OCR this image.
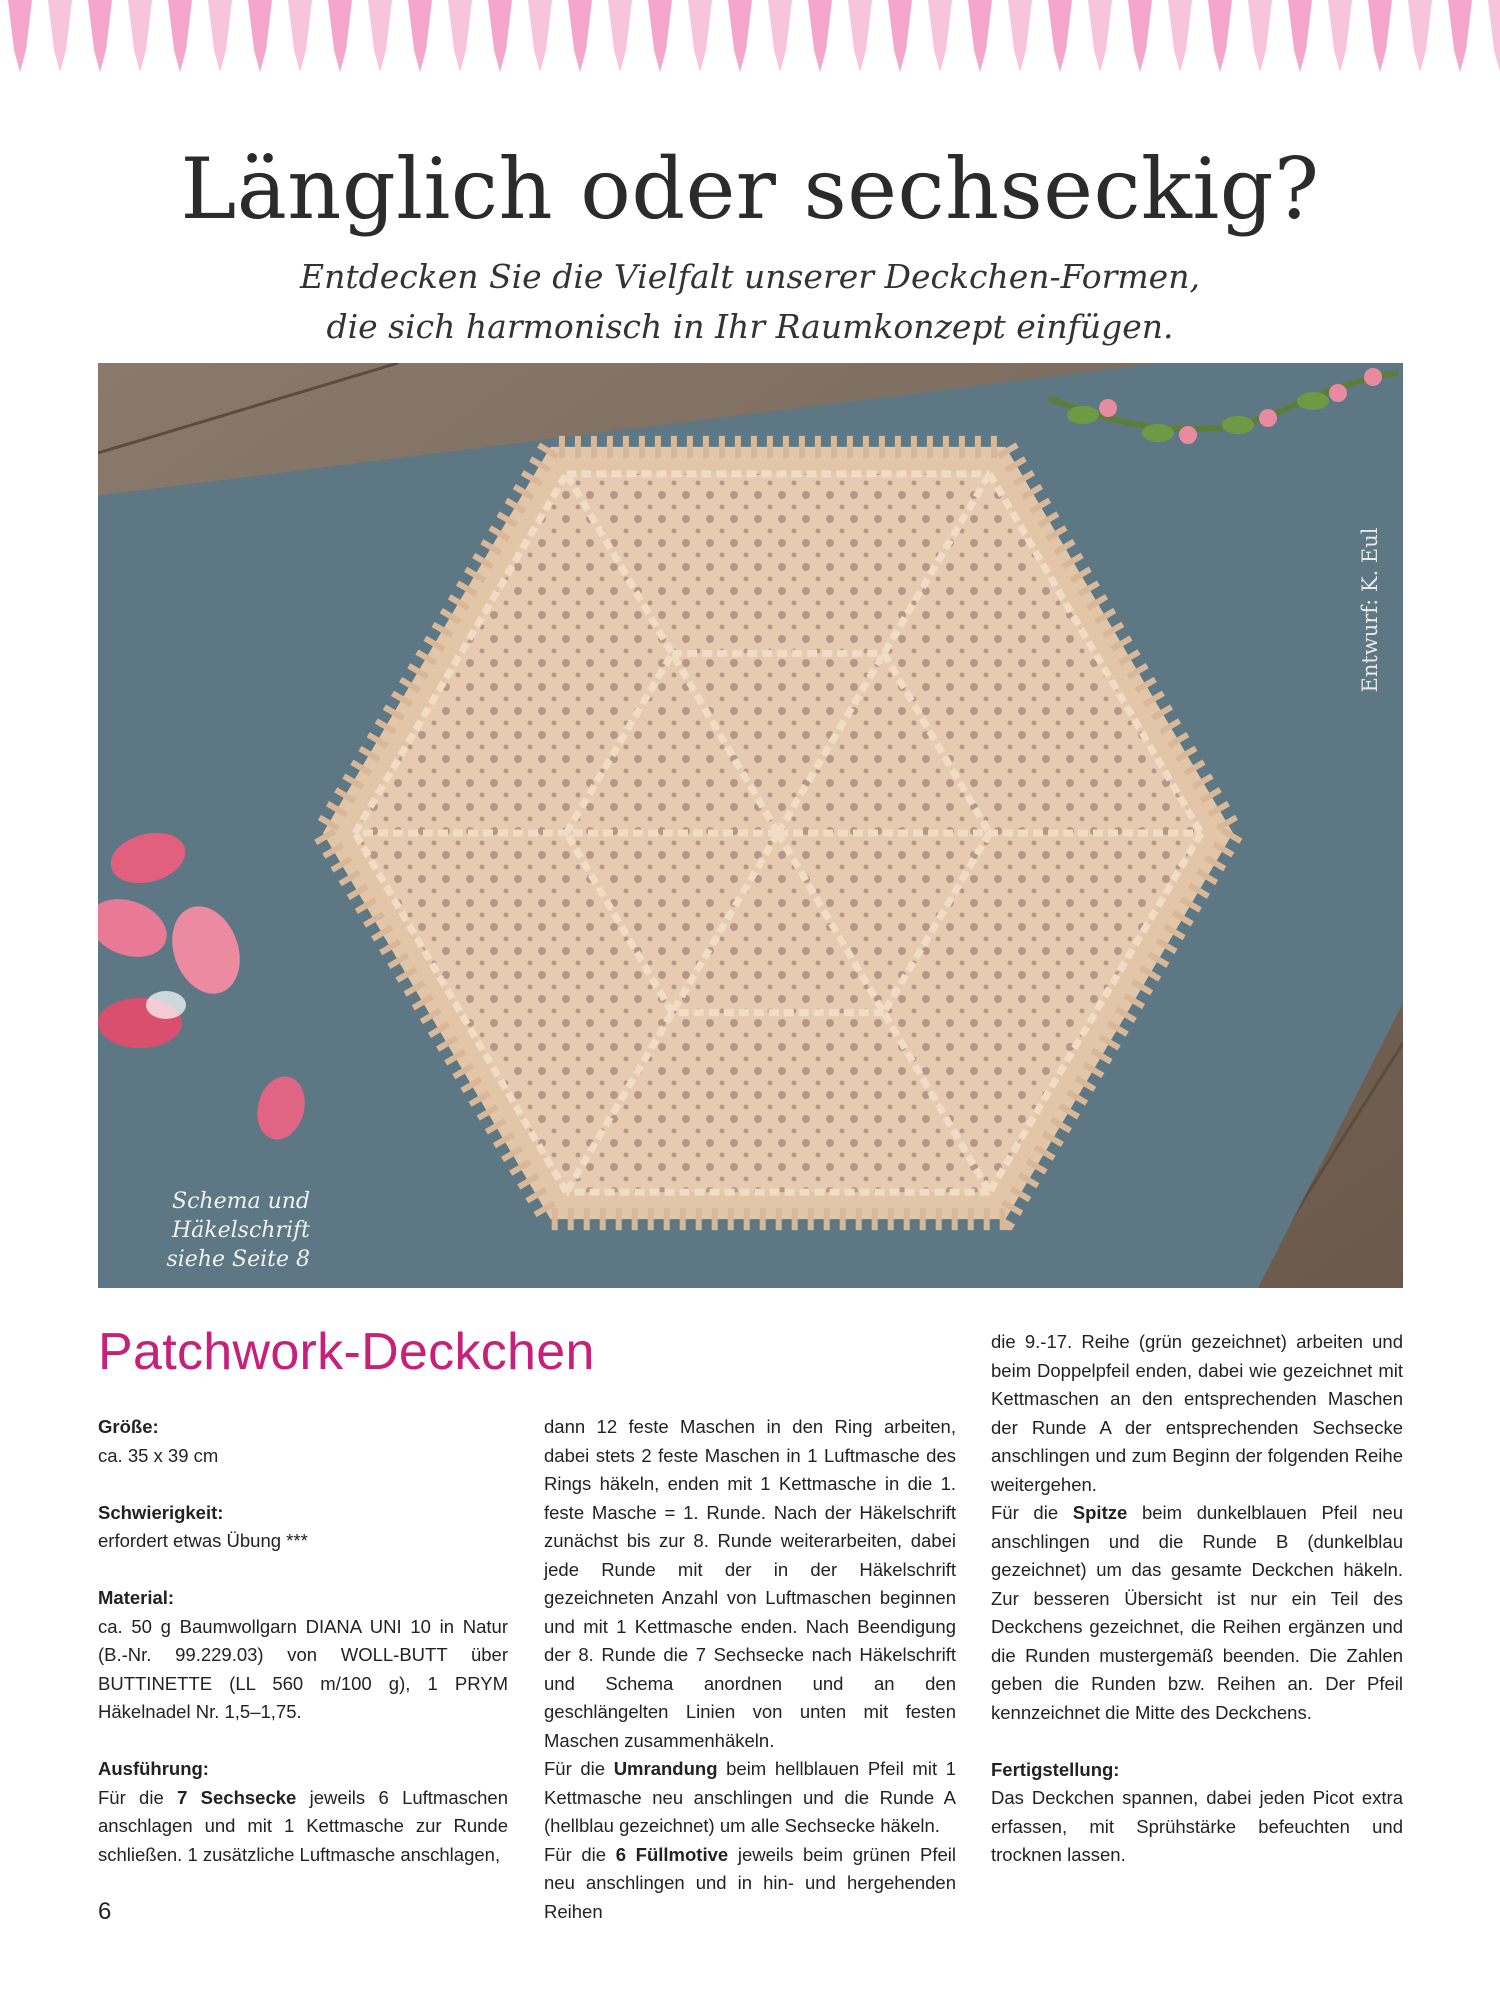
Länglich oder sechseckig?

Entdecken Sie die Vielfalt unserer Deckchen-Formen,
die sich harmonisch in Ihr Raumkonzept einfügen.

Entwurf: K. Eul

Schema und
Häkelschrift
siehe Seite 8

Patchwork-Deckchen

Größe:

ca. 35 x 39 cm

Schwierigkeit:

erfordert etwas Übung ***

Material:

ca. 50 g Baumwollgarn DIANA UNI 10 in Natur (B.-Nr. 99.229.03) von WOLL-BUTT über BUTTINETTE (LL 560 m/100 g), 1 PRYM Häkelnadel Nr. 1,5–1,75.

Ausführung:

Für die 7 Sechsecke jeweils 6 Luftmaschen anschlagen und mit 1 Kettmasche zur Runde schließen. 1 zusätzliche Luftmasche anschlagen,

dann 12 feste Maschen in den Ring arbeiten, dabei stets 2 feste Maschen in 1 Luftmasche des Rings häkeln, enden mit 1 Kettmasche in die 1. feste Masche = 1. Runde. Nach der Häkelschrift zunächst bis zur 8. Runde weiterarbeiten, dabei jede Runde mit der in der Häkelschrift gezeichneten Anzahl von Luftmaschen beginnen und mit 1 Kettmasche enden. Nach Beendigung der 8. Runde die 7 Sechsecke nach Häkelschrift und Schema anordnen und an den geschlängelten Linien von unten mit festen Maschen zusammenhäkeln.

Für die Umrandung beim hellblauen Pfeil mit 1 Kettmasche neu anschlingen und die Runde A (hellblau gezeichnet) um alle Sechsecke häkeln.

Für die 6 Füllmotive jeweils beim grünen Pfeil neu anschlingen und in hin- und hergehenden Reihen

die 9.-17. Reihe (grün gezeichnet) arbeiten und beim Doppelpfeil enden, dabei wie gezeichnet mit Kettmaschen an den entsprechenden Maschen der Runde A der entsprechenden Sechsecke anschlingen und zum Beginn der folgenden Reihe weitergehen.

Für die Spitze beim dunkelblauen Pfeil neu anschlingen und die Runde B (dunkelblau gezeichnet) um das gesamte Deckchen häkeln. Zur besseren Übersicht ist nur ein Teil des Deckchens gezeichnet, die Reihen ergänzen und die Runden mustergemäß beenden. Die Zahlen geben die Runden bzw. Reihen an. Der Pfeil kennzeichnet die Mitte des Deckchens.

Fertigstellung:

Das Deckchen spannen, dabei jeden Picot extra erfassen, mit Sprühstärke befeuchten und trocknen lassen.

6
